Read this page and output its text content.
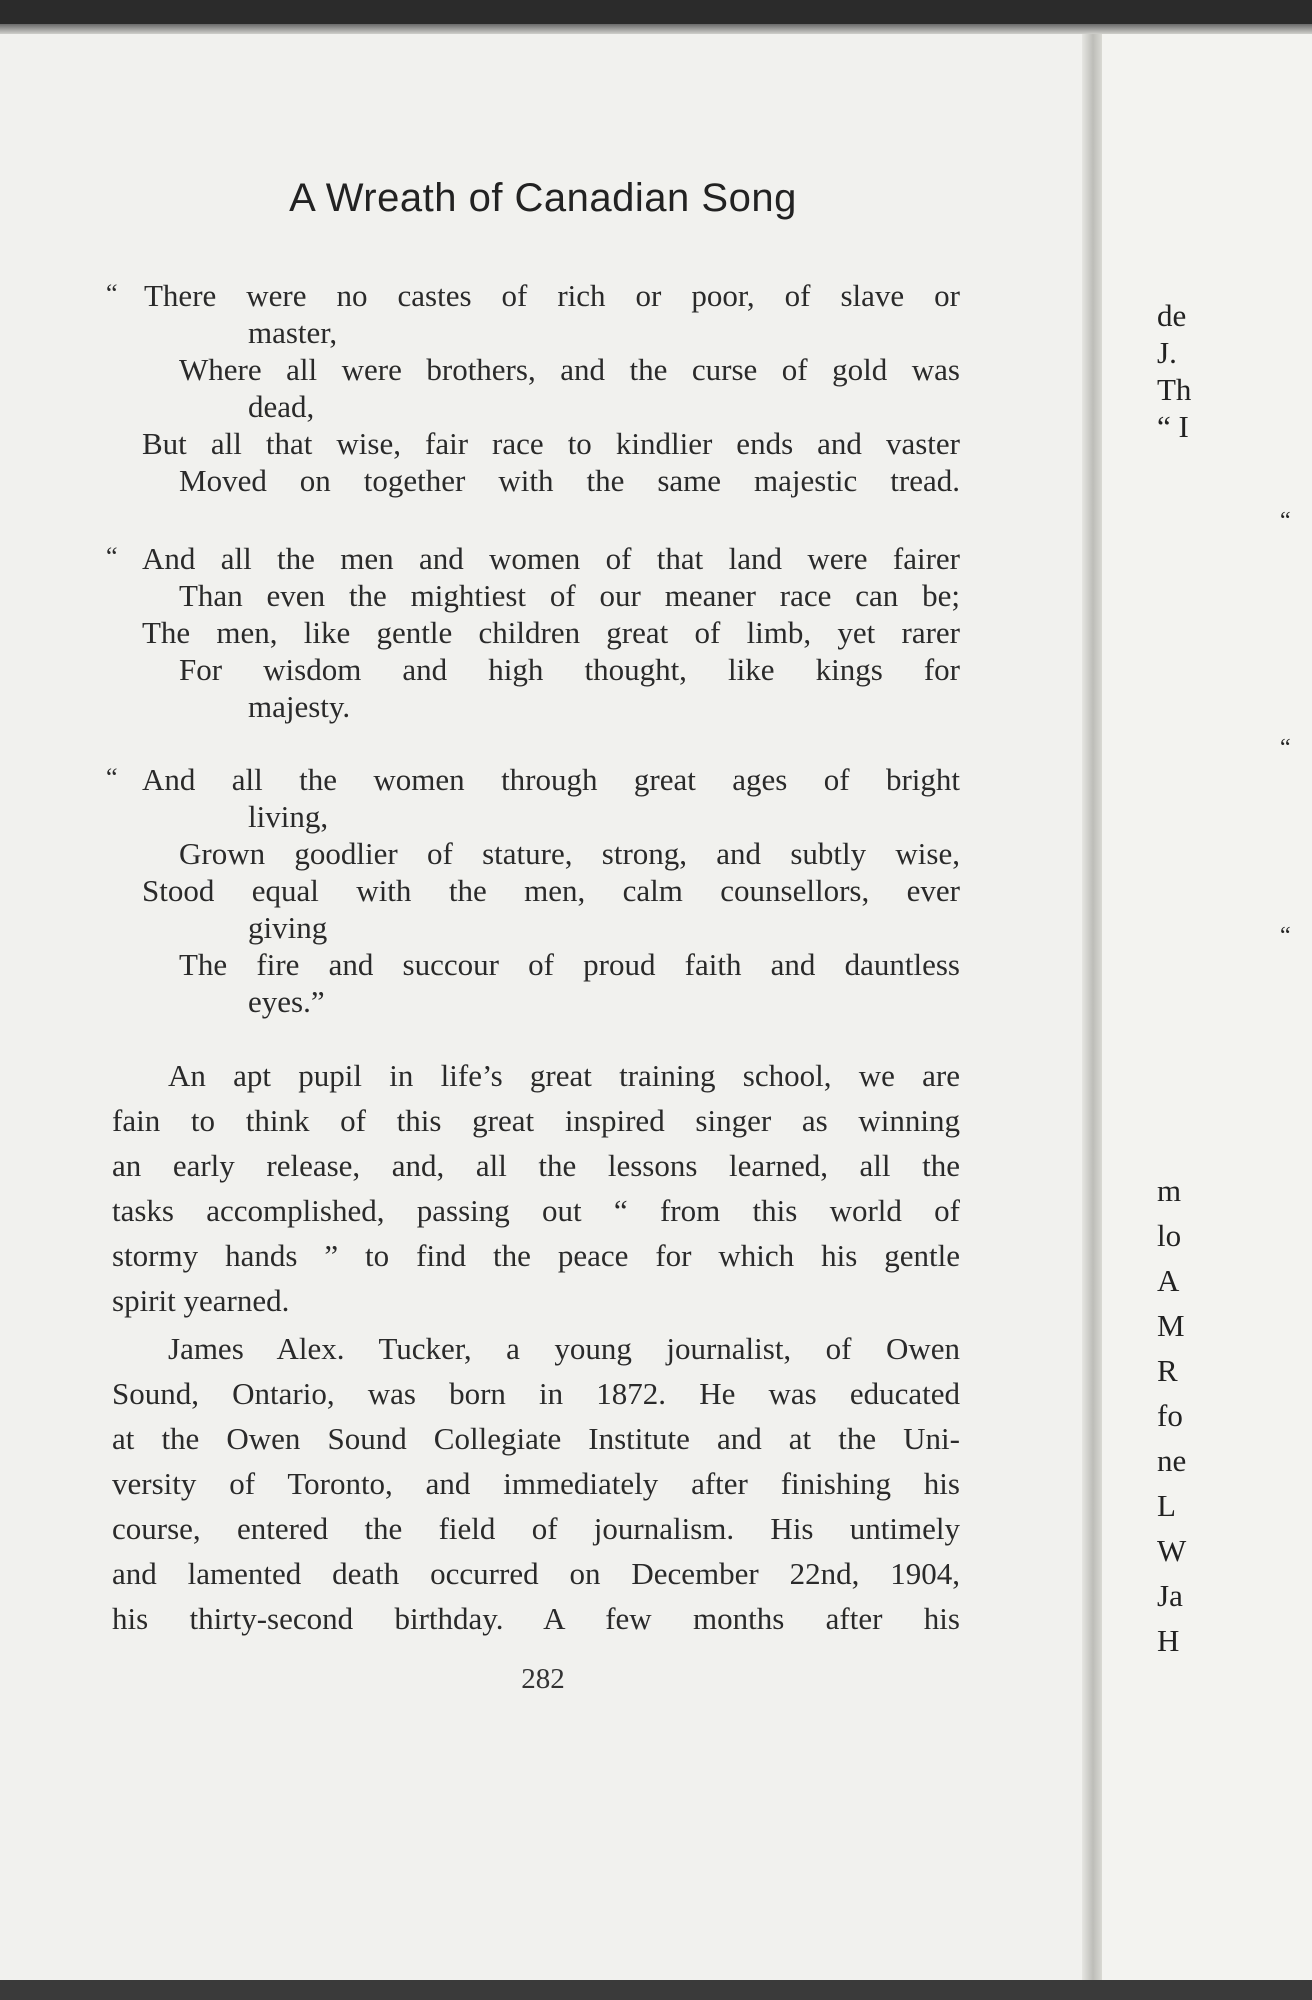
A Wreath of Canadian Song
“ There were no castes of rich or poor, of slave or
master,
Where all were brothers, and the curse of gold was
dead,
But all that wise, fair race to kindlier ends and vaster
Moved on together with the same majestic tread.
“ And all the men and women of that land were fairer
Than even the mightiest of our meaner race can be;
The men, like gentle children great of limb, yet rarer
For wisdom and high thought, like kings for
majesty.
“ And all the women through great ages of bright
living,
Grown goodlier of stature, strong, and subtly wise,
Stood equal with the men, calm counsellors, ever
giving
The fire and succour of proud faith and dauntless
eyes.”
An apt pupil in life’s great training school, we are
fain to think of this great inspired singer as winning
an early release, and, all the lessons learned, all the
tasks accomplished, passing out “ from this world of
stormy hands ” to find the peace for which his gentle
spirit yearned.
James Alex. Tucker, a young journalist, of Owen
Sound, Ontario, was born in 1872. He was educated
at the Owen Sound Collegiate Institute and at the Uni-
versity of Toronto, and immediately after finishing his
course, entered the field of journalism. His untimely
and lamented death occurred on December 22nd, 1904,
his thirty-second birthday. A few months after his
282
de
J.
Th
“ I
“
“
“
m
lo
A
M
R
fo
ne
L
W
Ja
H
